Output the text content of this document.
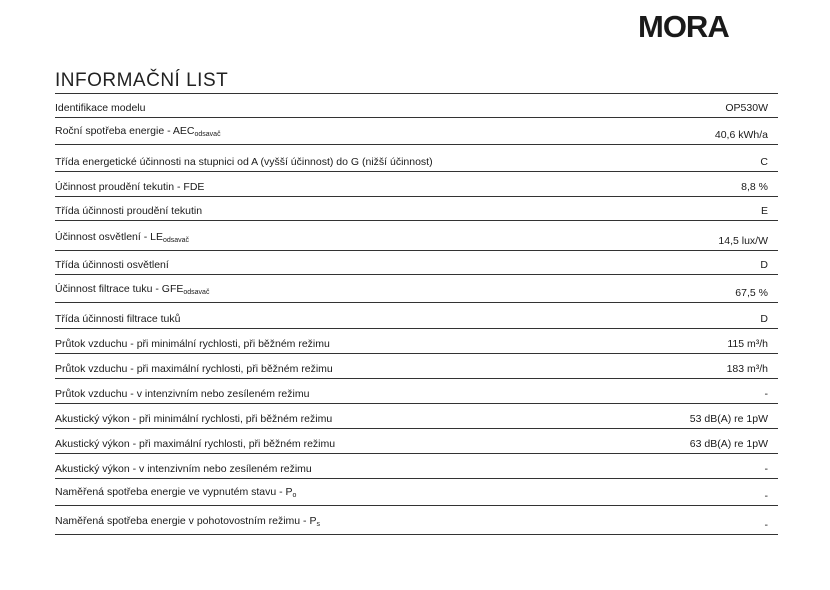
MORA
INFORMAČNÍ LIST
Identifikace modelu	OP530W
Roční spotřeba energie - $AEC_{odsavač}$	40,6 kWh/a
Třída energetické účinnosti na stupnici od A (vyšší účinnost) do G (nižší účinnost)	C
Účinnost proudění tekutin - FDE	8,8 %
Třída účinnosti proudění tekutin	E
Účinnost osvětlení - $LE_{odsavač}$	14,5 lux/W
Třída účinnosti osvětlení	D
Účinnost filtrace tuku - $GFE_{odsavač}$	67,5 %
Třída účinnosti filtrace tuků	D
Průtok vzduchu - při minimální rychlosti, při běžném režimu	115 m³/h
Průtok vzduchu - při maximální rychlosti, při běžném režimu	183 m³/h
Průtok vzduchu - v intenzivním nebo zesíleném režimu	-
Akustický výkon - při minimální rychlosti, při běžném režimu	53 dB(A) re 1pW
Akustický výkon - při maximální rychlosti, při běžném režimu	63 dB(A) re 1pW
Akustický výkon - v intenzivním nebo zesíleném režimu	-
Naměřená spotřeba energie ve vypnutém stavu - $P_o$	-
Naměřená spotřeba energie v pohotovostním režimu - $P_s$	-
